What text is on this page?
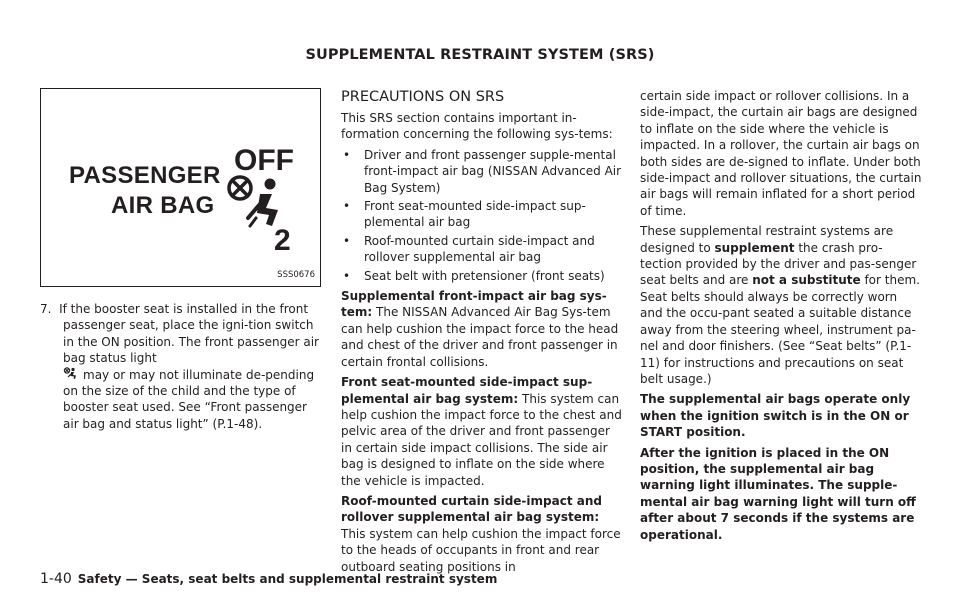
SUPPLEMENTAL RESTRAINT SYSTEM (SRS)
PASSENGER
AIR BAG
OFF
2
SSS0676

7. If the booster seat is installed in the front passenger seat, place the igni-tion switch in the ON position. The front passenger air bag status light
may or may not illuminate de-pending on the size of the child and the type of booster seat used. See “Front passenger air bag and status light” (P.1-48).

PRECAUTIONS ON SRS

This SRS section contains important in-formation concerning the following sys-tems:

• Driver and front passenger supple-mental front-impact air bag (NISSAN Advanced Air Bag System)

• Front seat-mounted side-impact sup-plemental air bag

• Roof-mounted curtain side-impact and rollover supplemental air bag

• Seat belt with pretensioner (front seats)

Supplemental front-impact air bag sys-tem: The NISSAN Advanced Air Bag Sys-tem can help cushion the impact force to the head and chest of the driver and front passenger in certain frontal collisions.

Front seat-mounted side-impact sup-plemental air bag system: This system can help cushion the impact force to the chest and pelvic area of the driver and front passenger in certain side impact collisions. The side air bag is designed to inflate on the side where the vehicle is impacted.

Roof-mounted curtain side-impact and rollover supplemental air bag system: This system can help cushion the impact force to the heads of occupants in front and rear outboard seating positions in

certain side impact or rollover collisions. In a side-impact, the curtain air bags are designed to inflate on the side where the vehicle is impacted. In a rollover, the curtain air bags on both sides are de-signed to inflate. Under both side-impact and rollover situations, the curtain air bags will remain inflated for a short period of time.

These supplemental restraint systems are designed to supplement the crash pro-tection provided by the driver and pas-senger seat belts and are not a substitute for them. Seat belts should always be correctly worn and the occu-pant seated a suitable distance away from the steering wheel, instrument pa-nel and door finishers. (See “Seat belts” (P.1-11) for instructions and precautions on seat belt usage.)

The supplemental air bags operate only when the ignition switch is in the ON or START position.

After the ignition is placed in the ON position, the supplemental air bag warning light illuminates. The supple-mental air bag warning light will turn off after about 7 seconds if the systems are operational.

1-40 Safety — Seats, seat belts and supplemental restraint system
